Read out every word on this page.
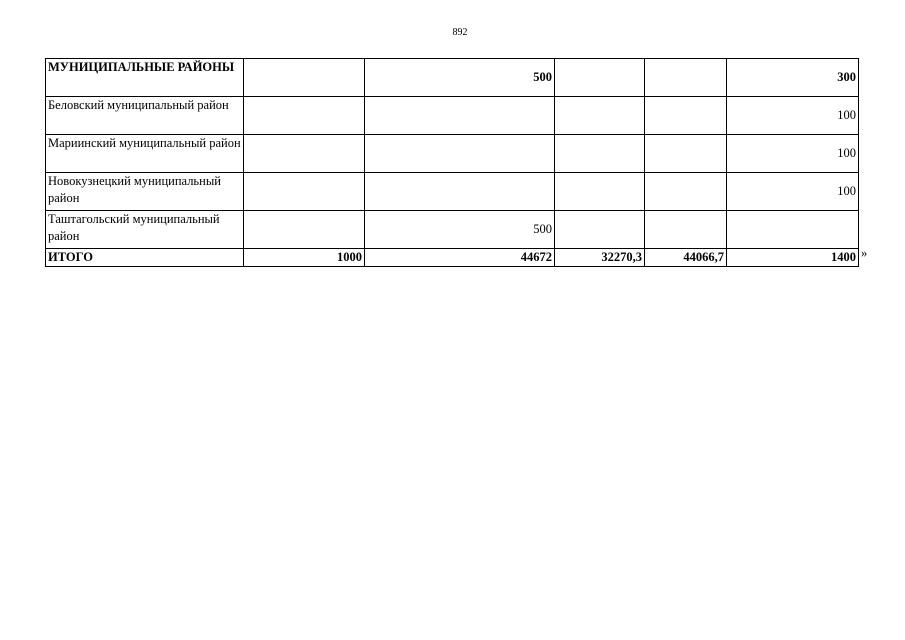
892
МУНИЦИПАЛЬНЫЕ РАЙОНЫ		500			300
Беловский муниципальный район					100
Мариинский муниципальный район					100
Новокузнецкий муниципальный район					100
Таштагольский муниципальный район		500			
ИТОГО	1000	44672	32270,3	44066,7	1400 »
